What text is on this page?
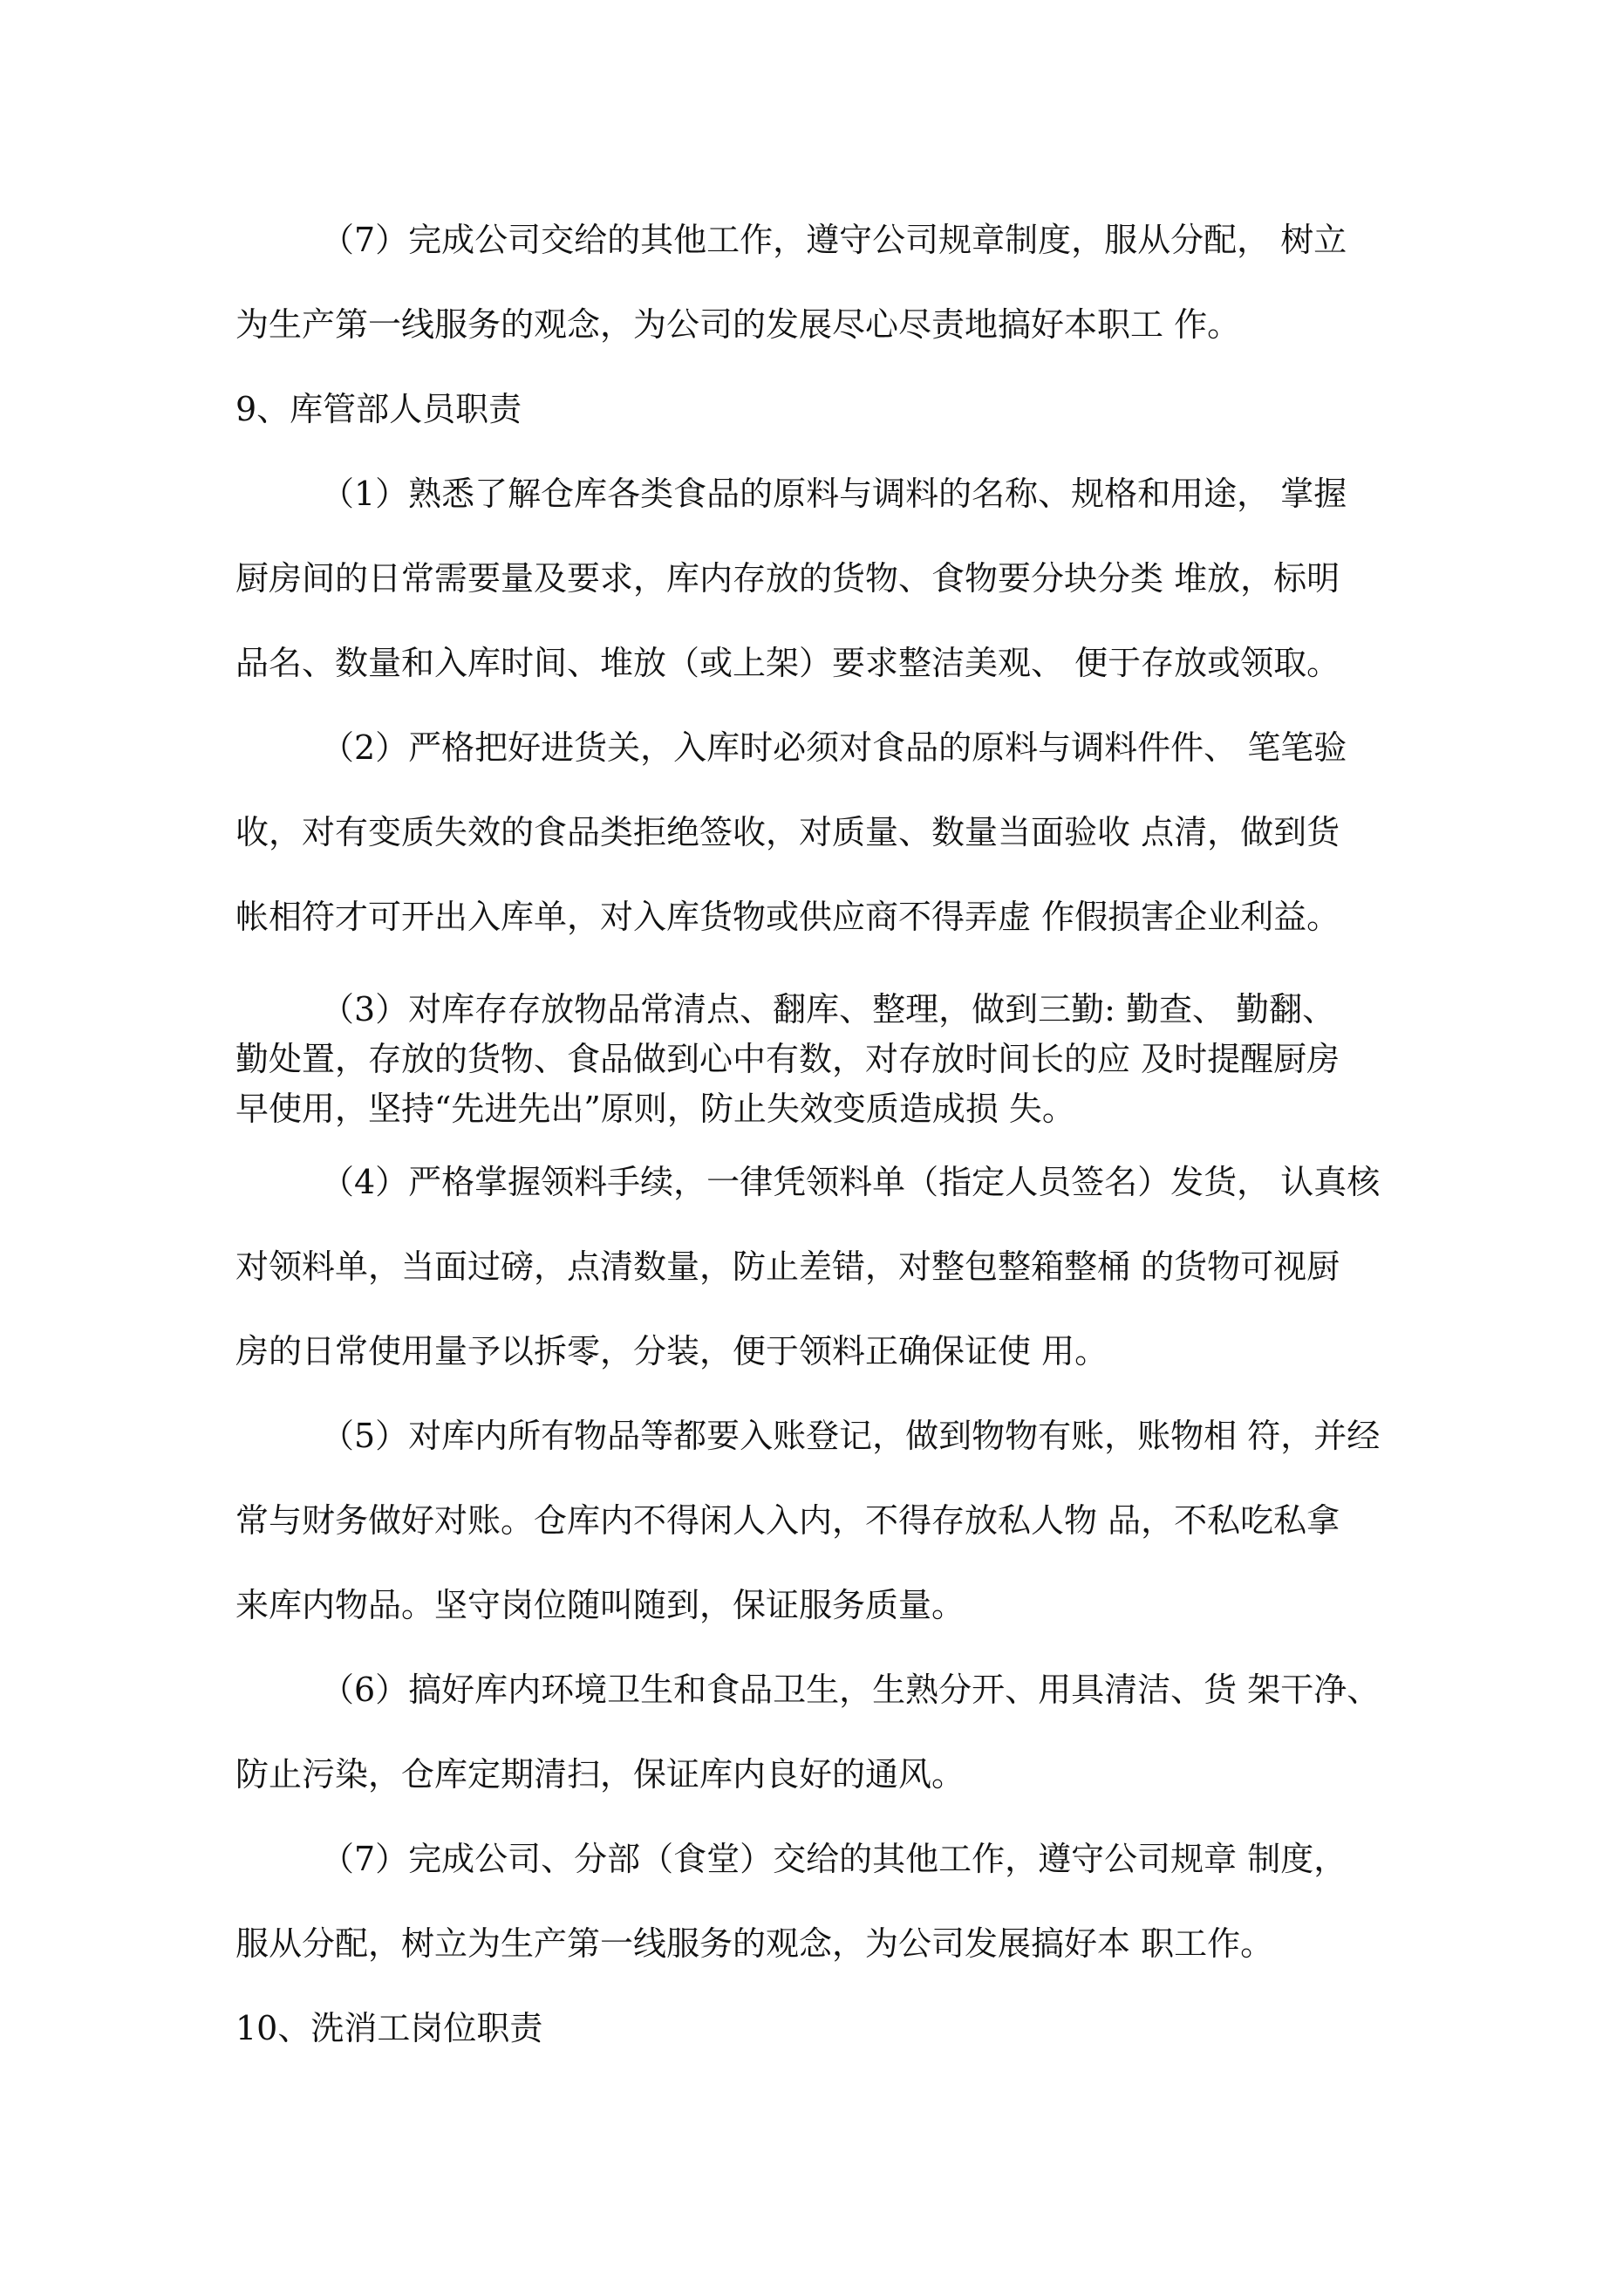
（7）完成公司交给的其他工作，遵守公司规章制度，服从分配， 树立

为生产第一线服务的观念，为公司的发展尽心尽责地搞好本职工 作。

9、库管部人员职责

（1）熟悉了解仓库各类食品的原料与调料的名称、规格和用途， 掌握

厨房间的日常需要量及要求，库内存放的货物、食物要分块分类 堆放，标明

品名、数量和入库时间、堆放（或上架）要求整洁美观、 便于存放或领取。

（2）严格把好进货关，入库时必须对食品的原料与调料件件、 笔笔验

收，对有变质失效的食品类拒绝签收，对质量、数量当面验收 点清，做到货

帐相符才可开出入库单，对入库货物或供应商不得弄虚 作假损害企业利益。

（3）对库存存放物品常清点、翻库、整理，做到三勤: 勤查、 勤翻、

勤处置，存放的货物、食品做到心中有数，对存放时间长的应 及时提醒厨房

早使用，坚持“先进先出”原则，防止失效变质造成损 失。

（4）严格掌握领料手续，一律凭领料单（指定人员签名）发货， 认真核

对领料单，当面过磅，点清数量，防止差错，对整包整箱整桶 的货物可视厨

房的日常使用量予以拆零，分装，便于领料正确保证使 用。

（5）对库内所有物品等都要入账登记，做到物物有账，账物相 符，并经

常与财务做好对账。仓库内不得闲人入内，不得存放私人物 品，不私吃私拿

来库内物品。坚守岗位随叫随到，保证服务质量。

（6）搞好库内环境卫生和食品卫生，生熟分开、用具清洁、货 架干净、

防止污染，仓库定期清扫，保证库内良好的通风。

（7）完成公司、分部（食堂）交给的其他工作，遵守公司规章 制度，

服从分配，树立为生产第一线服务的观念，为公司发展搞好本 职工作。

10、洗消工岗位职责
